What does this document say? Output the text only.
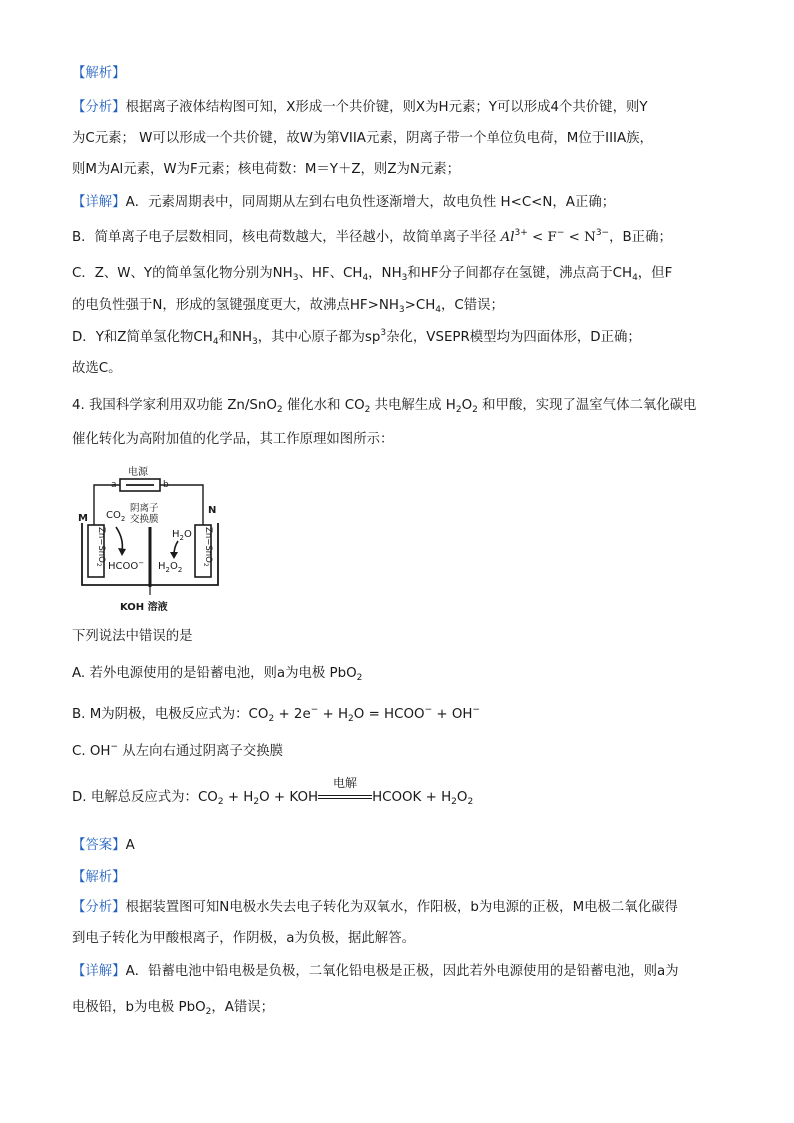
【解析】
【分析】根据离子液体结构图可知，X形成一个共价键，则X为H元素；Y可以形成4个共价键，则Y
为C元素； W可以形成一个共价键，故W为第VIIA元素，阴离子带一个单位负电荷，M位于IIIA族，
则M为Al元素，W为F元素；核电荷数：M＝Y＋Z，则Z为N元素；
【详解】A．元素周期表中，同周期从左到右电负性逐渐增大，故电负性 H<C<N，A正确；
B．简单离子电子层数相同，核电荷数越大，半径越小，故简单离子半径 $Al^{3+} < F^- < N^{3-}$，B正确；
C．Z、W、Y的简单氢化物分别为$NH_3$、HF、$CH_4$，$NH_3$和HF分子间都存在氢键，沸点高于$CH_4$，但F
的电负性强于N，形成的氢键强度更大，故沸点$HF>NH_3>CH_4$，C错误；
D．Y和Z简单氢化物$CH_4$和$NH_3$，其中心原子都为$sp^3$杂化，VSEPR模型均为四面体形，D正确；
故选C。
4. 我国科学家利用双功能 Zn/SnO$_2$ 催化水和 $CO_2$ 共电解生成 $H_2O_2$ 和甲酸，实现了温室气体二氧化碳电
催化转化为高附加值的化学品，其工作原理如图所示：
电源
a	b
M
N
阴离子
交换膜
$CO_2$
Zn−SnO$_2$
Zn−SnO$_2$
$H_2O$
HCOO− $H_2O_2$
KOH 溶液
下列说法中错误的是
A. 若外电源使用的是铅蓄电池，则a为电极 PbO$_2$
B. M为阴极，电极反应式为：$CO_2 + 2e^- + H_2O$ = HCOO− + OH−
C. OH− 从左向右通过阴离子交换膜
D. 电解总反应式为：$CO_2 + H_2O$ + KOH
电解
HCOOK + $H_2O_2$
【答案】A
【解析】
【分析】根据装置图可知N电极水失去电子转化为双氧水，作阳极，b为电源的正极，M电极二氧化碳得
到电子转化为甲酸根离子，作阴极，a为负极，据此解答。
【详解】A．铅蓄电池中铅电极是负极，二氧化铅电极是正极，因此若外电源使用的是铅蓄电池，则a为
电极铅，b为电极 PbO$_2$，A错误；
